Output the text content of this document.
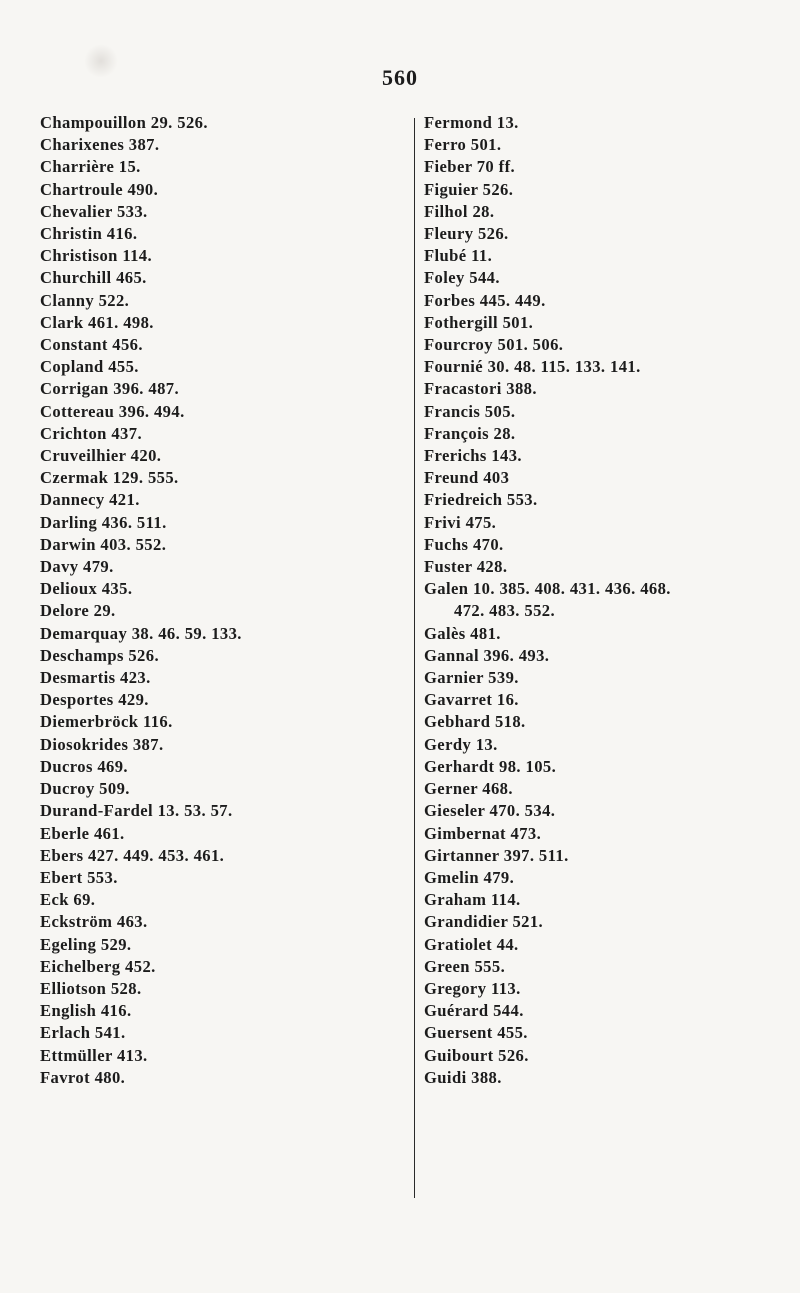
560
Champouillon 29. 526.
Charixenes 387.
Charrière 15.
Chartroule 490.
Chevalier 533.
Christin 416.
Christison 114.
Churchill 465.
Clanny 522.
Clark 461. 498.
Constant 456.
Copland 455.
Corrigan 396. 487.
Cottereau 396. 494.
Crichton 437.
Cruveilhier 420.
Czermak 129. 555.
Dannecy 421.
Darling 436. 511.
Darwin 403. 552.
Davy 479.
Delioux 435.
Delore 29.
Demarquay 38. 46. 59. 133.
Deschamps 526.
Desmartis 423.
Desportes 429.
Diemerbröck 116.
Diosokrides 387.
Ducros 469.
Ducroy 509.
Durand-Fardel 13. 53. 57.
Eberle 461.
Ebers 427. 449. 453. 461.
Ebert 553.
Eck 69.
Eckström 463.
Egeling 529.
Eichelberg 452.
Elliotson 528.
English 416.
Erlach 541.
Ettmüller 413.
Favrot 480.
Fermond 13.
Ferro 501.
Fieber 70 ff.
Figuier 526.
Filhol 28.
Fleury 526.
Flubé 11.
Foley 544.
Forbes 445. 449.
Fothergill 501.
Fourcroy 501. 506.
Fournié 30. 48. 115. 133. 141.
Fracastori 388.
Francis 505.
François 28.
Frerichs 143.
Freund 403
Friedreich 553.
Frivi 475.
Fuchs 470.
Fuster 428.
Galen 10. 385. 408. 431. 436. 468.
472. 483. 552.
Galès 481.
Gannal 396. 493.
Garnier 539.
Gavarret 16.
Gebhard 518.
Gerdy 13.
Gerhardt 98. 105.
Gerner 468.
Gieseler 470. 534.
Gimbernat 473.
Girtanner 397. 511.
Gmelin 479.
Graham 114.
Grandidier 521.
Gratiolet 44.
Green 555.
Gregory 113.
Guérard 544.
Guersent 455.
Guibourt 526.
Guidi 388.
